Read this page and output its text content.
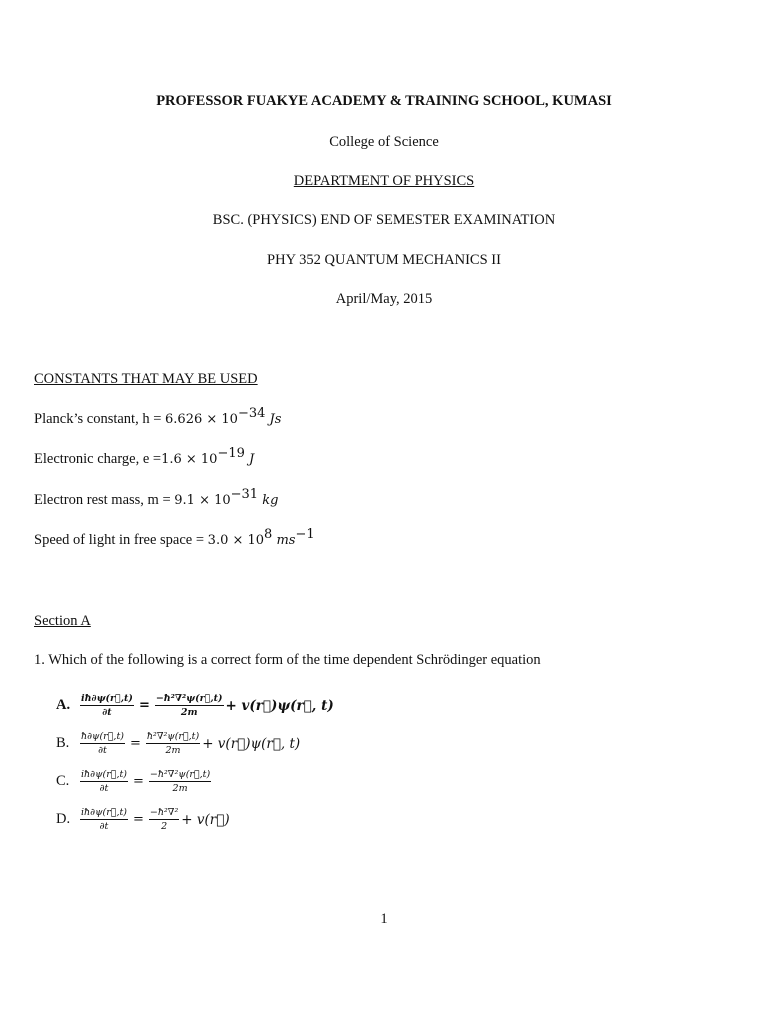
PROFESSOR FUAKYE ACADEMY & TRAINING SCHOOL, KUMASI
College of Science
DEPARTMENT OF PHYSICS
BSC. (PHYSICS) END OF SEMESTER EXAMINATION
PHY 352 QUANTUM MECHANICS II
April/May, 2015
CONSTANTS THAT MAY BE USED
Planck’s constant, $h = 6.626 \times 10^{-34}$ Js
Electronic charge, $e =1.6 \times 10^{-19}$ J
Electron rest mass, $m = 9.1 \times 10^{-31}$ kg
Speed of light in free space = $3.0 \times 10^8$ $ms^{-1}$
Section A
1. Which of the following is a correct form of the time dependent Schrödinger equation
A.	$\frac{iħ\partial\psi(r⃗,t)}{\partial t} = \frac{\text{−ħ²∇²ψ(r⃗,t)}}{2m}$ + v(r⃗)ψ(r⃗, t)
B.	$\frac{ħ\partial\psi(r⃗,t)}{\partial t} = \frac{\text{ħ²∇²ψ(r⃗,t)}}{2m}$ + v(r⃗)ψ(r⃗, t)
C.	$\frac{iħ\partial\psi(r⃗,t)}{\partial t} = \frac{\text{−ħ²∇²ψ(r⃗,t)}}{2m}$
D.	$\frac{iħ\partial\psi(r⃗,t)}{\partial t} = \frac{\text{−ħ²∇²}}{2}$ + v(r⃗)
1
